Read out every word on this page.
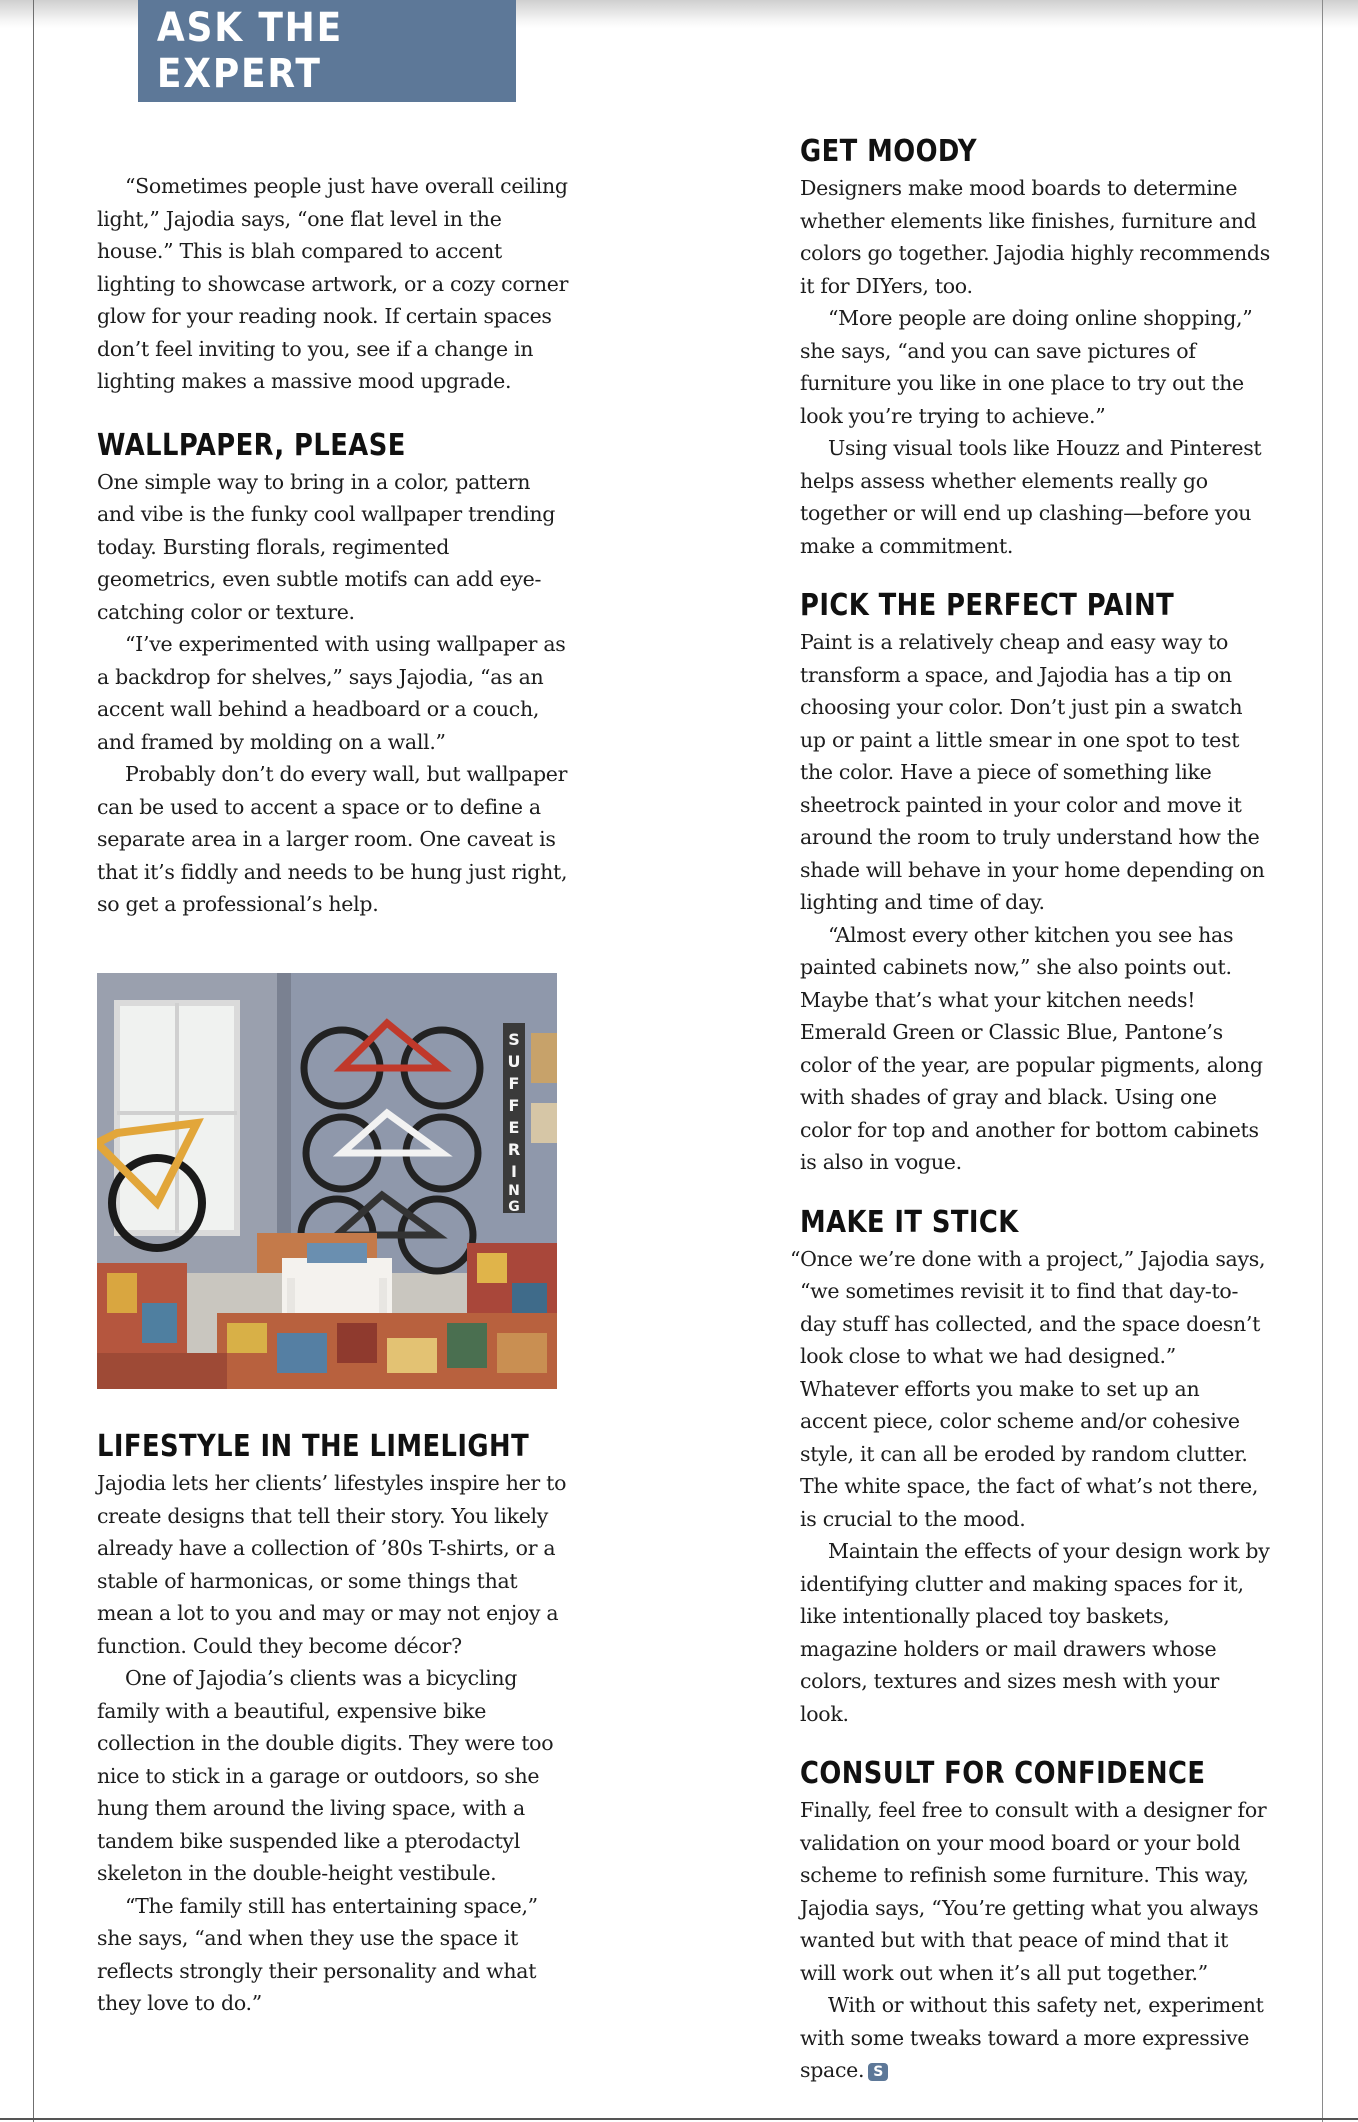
ASK THE EXPERT

“Sometimes people just have overall ceiling light,” Jajodia says, “one flat level in the house.” This is blah compared to accent lighting to showcase artwork, or a cozy corner glow for your reading nook. If certain spaces don’t feel inviting to you, see if a change in lighting makes a massive mood upgrade.

WALLPAPER, PLEASE

One simple way to bring in a color, pattern and vibe is the funky cool wallpaper trending today. Bursting florals, regimented geometrics, even subtle motifs can add eye-catching color or texture.

“I’ve experimented with using wallpaper as a backdrop for shelves,” says Jajodia, “as an accent wall behind a headboard or a couch, and framed by molding on a wall.”

Probably don’t do every wall, but wallpaper can be used to accent a space or to define a separate area in a larger room. One caveat is that it’s fiddly and needs to be hung just right, so get a professional’s help.

S
U
F
F
E
R
I
N
G
LIFESTYLE IN THE LIMELIGHT

Jajodia lets her clients’ lifestyles inspire her to create designs that tell their story. You likely already have a collection of ’80s T-shirts, or a stable of harmonicas, or some things that mean a lot to you and may or may not enjoy a function. Could they become décor?

One of Jajodia’s clients was a bicycling family with a beautiful, expensive bike collection in the double digits. They were too nice to stick in a garage or outdoors, so she hung them around the living space, with a tandem bike suspended like a pterodactyl skeleton in the double-height vestibule.

“The family still has entertaining space,” she says, “and when they use the space it reflects strongly their personality and what they love to do.”

GET MOODY

Designers make mood boards to determine whether elements like finishes, furniture and colors go together. Jajodia highly recommends it for DIYers, too.

“More people are doing online shopping,” she says, “and you can save pictures of furniture you like in one place to try out the look you’re trying to achieve.”

Using visual tools like Houzz and Pinterest helps assess whether elements really go together or will end up clashing—before you make a commitment.

PICK THE PERFECT PAINT

Paint is a relatively cheap and easy way to transform a space, and Jajodia has a tip on choosing your color. Don’t just pin a swatch up or paint a little smear in one spot to test the color. Have a piece of something like sheetrock painted in your color and move it around the room to truly understand how the shade will behave in your home depending on lighting and time of day.

“Almost every other kitchen you see has painted cabinets now,” she also points out. Maybe that’s what your kitchen needs! Emerald Green or Classic Blue, Pantone’s color of the year, are popular pigments, along with shades of gray and black. Using one color for top and another for bottom cabinets is also in vogue.

MAKE IT STICK

“Once we’re done with a project,” Jajodia says, “we sometimes revisit it to find that day-to-day stuff has collected, and the space doesn’t look close to what we had designed.” Whatever efforts you make to set up an accent piece, color scheme and/or cohesive style, it can all be eroded by random clutter. The white space, the fact of what’s not there, is crucial to the mood.

Maintain the effects of your design work by identifying clutter and making spaces for it, like intentionally placed toy baskets, magazine holders or mail drawers whose colors, textures and sizes mesh with your look.

CONSULT FOR CONFIDENCE

Finally, feel free to consult with a designer for validation on your mood board or your bold scheme to refinish some furniture. This way, Jajodia says, “You’re getting what you always wanted but with that peace of mind that it will work out when it’s all put together.”

With or without this safety net, experiment with some tweaks toward a more expressive space. S
